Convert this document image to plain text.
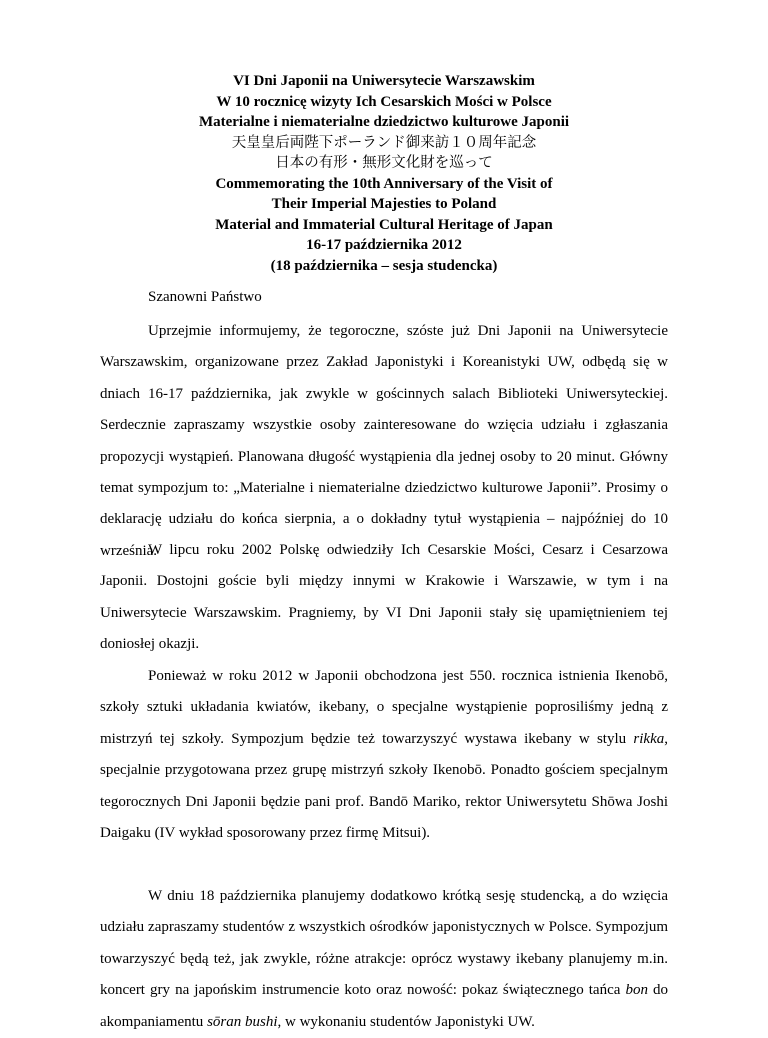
VI Dni Japonii na Uniwersytecie Warszawskim
W 10 rocznicę wizyty Ich Cesarskich Mości w Polsce
Materialne i niematerialne dziedzictwo kulturowe Japonii
天皇皇后両陛下ポーランド御来訪１０周年記念
日本の有形・無形文化財を巡って
Commemorating the 10th Anniversary of the Visit of
Their Imperial Majesties to Poland
Material and Immaterial Cultural Heritage of Japan
16-17 października 2012
(18 października – sesja studencka)
Szanowni Państwo

Uprzejmie informujemy, że tegoroczne, szóste już Dni Japonii na Uniwersytecie Warszawskim, organizowane przez Zakład Japonistyki i Koreanistyki UW, odbędą się w dniach 16-17 października, jak zwykle w gościnnych salach Biblioteki Uniwersyteckiej. Serdecznie zapraszamy wszystkie osoby zainteresowane do wzięcia udziału i zgłaszania propozycji wystąpień. Planowana długość wystąpienia dla jednej osoby to 20 minut. Główny temat sympozjum to: „Materialne i niematerialne dziedzictwo kulturowe Japonii”. Prosimy o deklarację udziału do końca sierpnia, a o dokładny tytuł wystąpienia – najpóźniej do 10 września.

W lipcu roku 2002 Polskę odwiedziły Ich Cesarskie Mości, Cesarz i Cesarzowa Japonii. Dostojni goście byli między innymi w Krakowie i Warszawie, w tym i na Uniwersytecie Warszawskim. Pragniemy, by VI Dni Japonii stały się upamiętnieniem tej doniosłej okazji.

Ponieważ w roku 2012 w Japonii obchodzona jest 550. rocznica istnienia Ikenobō, szkoły sztuki układania kwiatów, ikebany, o specjalne wystąpienie poprosiliśmy jedną z mistrzyń tej szkoły. Sympozjum będzie też towarzyszyć wystawa ikebany w stylu rikka, specjalnie przygotowana przez grupę mistrzyń szkoły Ikenobō. Ponadto gościem specjalnym tegorocznych Dni Japonii będzie pani prof. Bandō Mariko, rektor Uniwersytetu Shōwa Joshi Daigaku (IV wykład sposorowany przez firmę Mitsui).

W dniu 18 października planujemy dodatkowo krótką sesję studencką, a do wzięcia udziału zapraszamy studentów z wszystkich ośrodków japonistycznych w Polsce. Sympozjum towarzyszyć będą też, jak zwykle, różne atrakcje: oprócz wystawy ikebany planujemy m.in. koncert gry na japońskim instrumencie koto oraz nowość: pokaz świątecznego tańca bon do akompaniamentu sōran bushi, w wykonaniu studentów Japonistyki UW.
